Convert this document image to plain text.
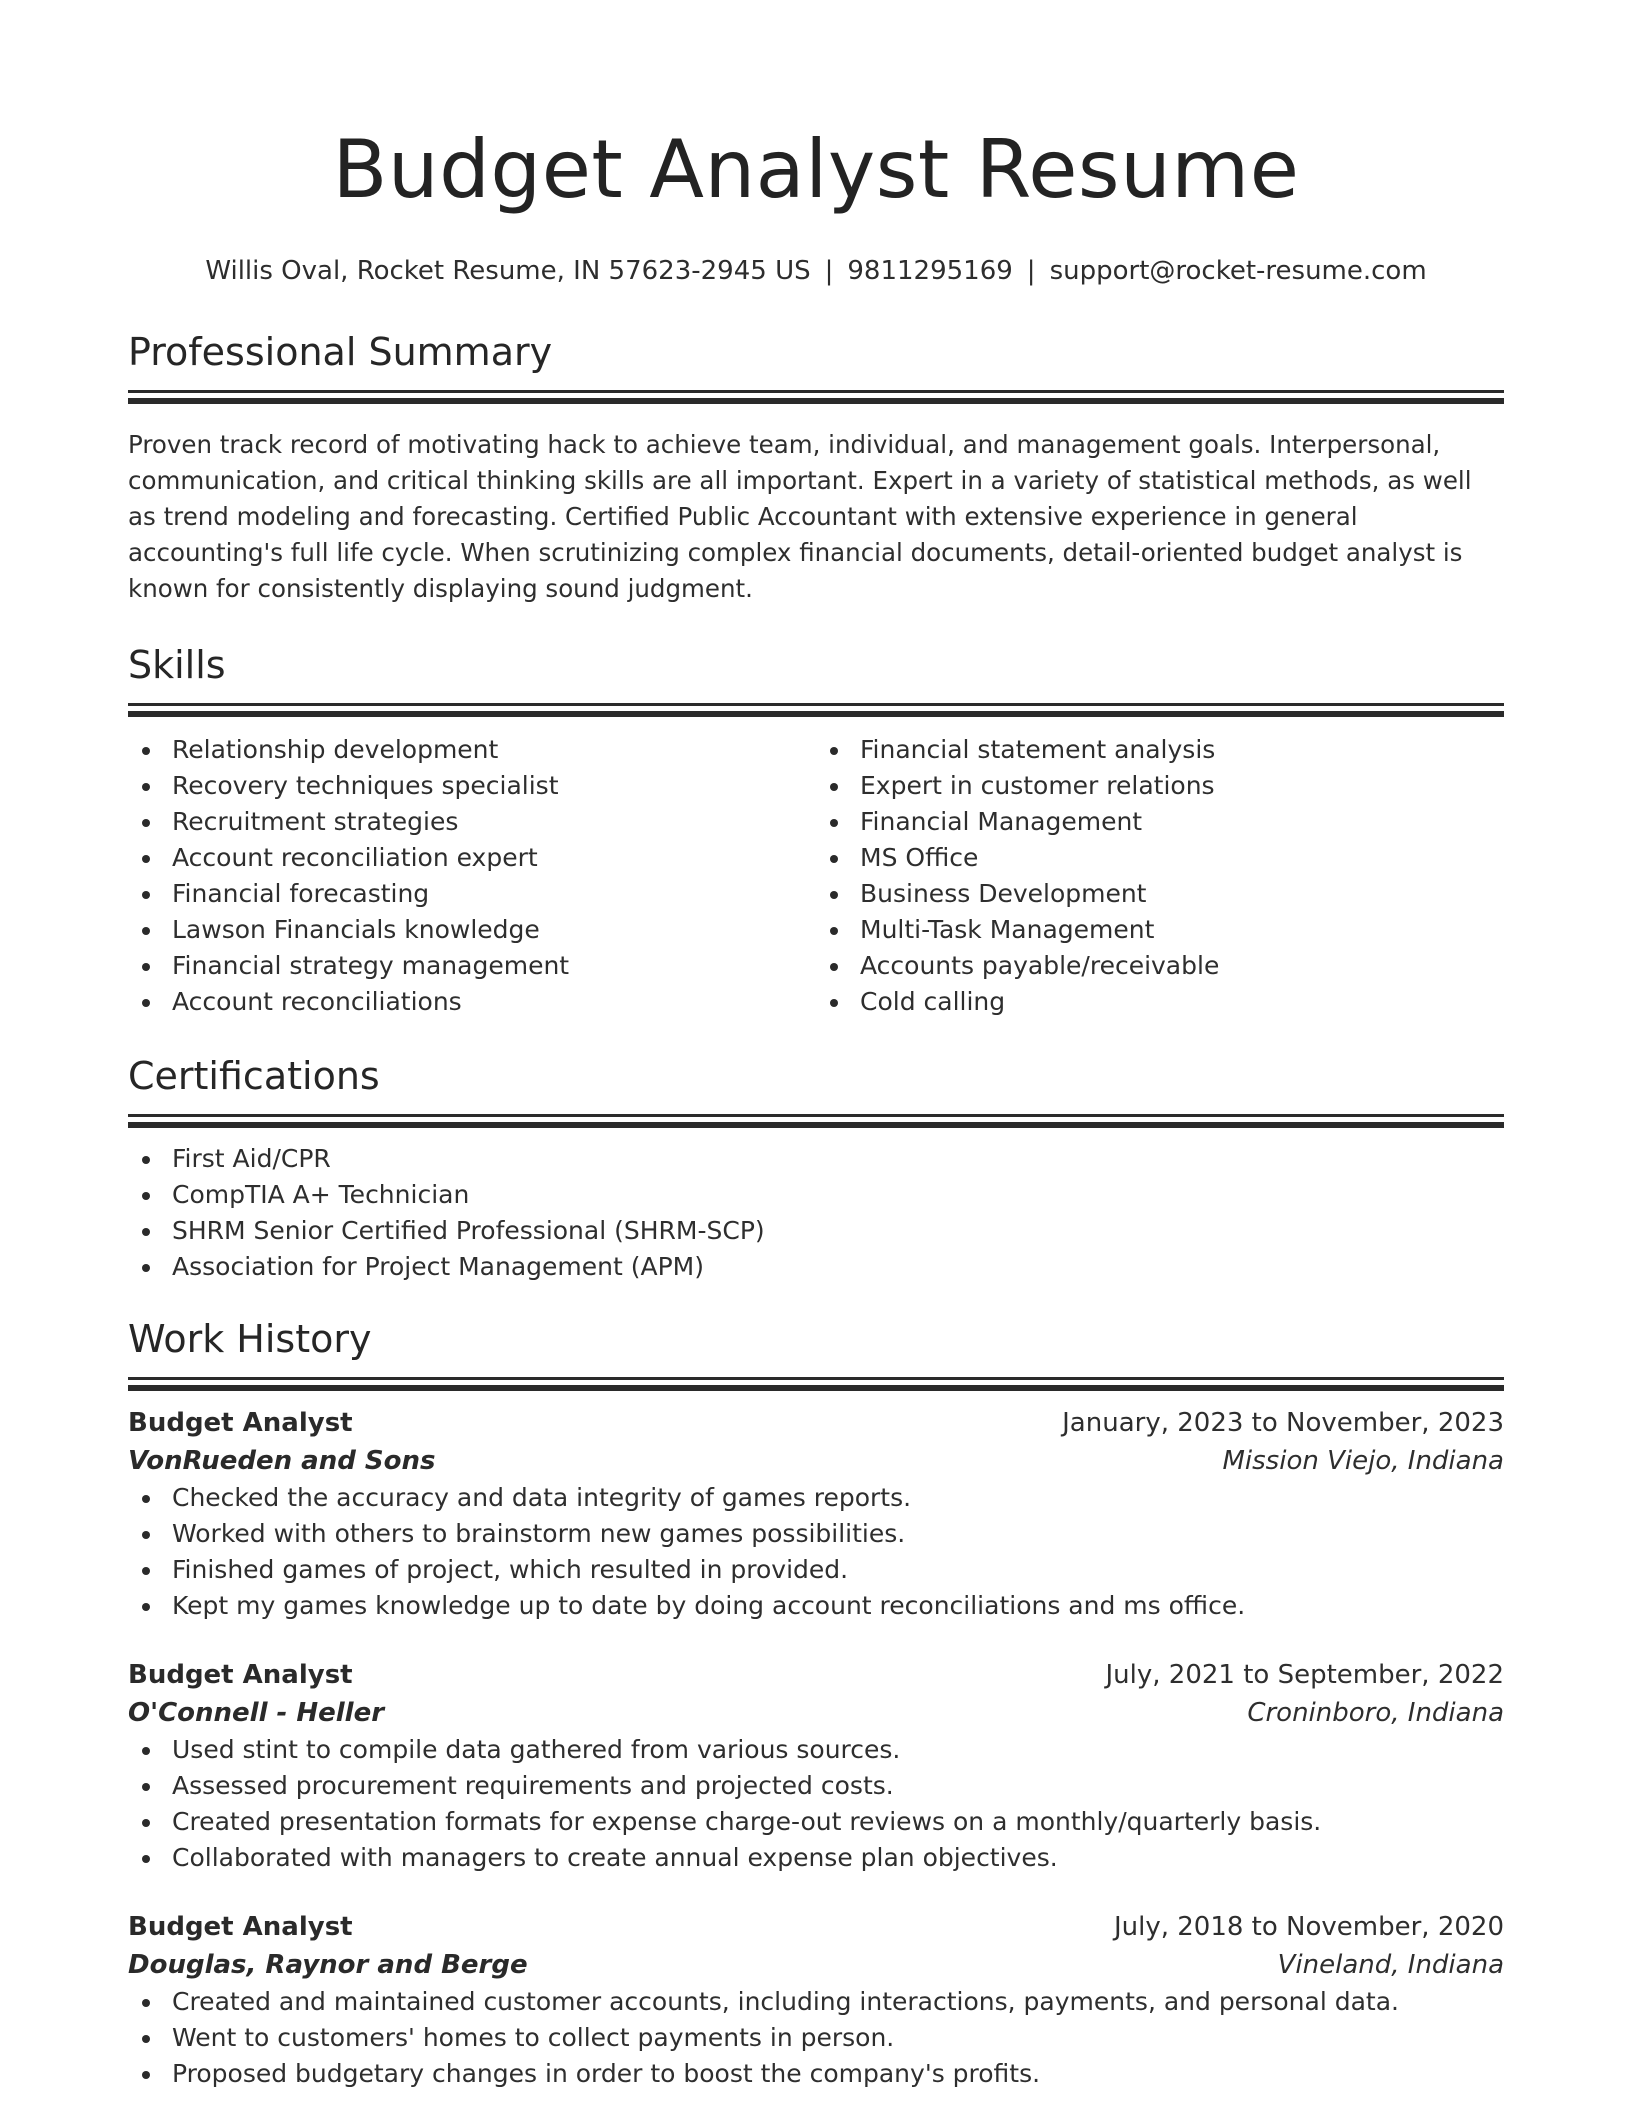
Budget Analyst Resume
Willis Oval, Rocket Resume, IN 57623-2945 US | 9811295169 | support@rocket-resume.com
Professional Summary

Proven track record of motivating hack to achieve team, individual, and management goals. Interpersonal, communication, and critical thinking skills are all important. Expert in a variety of statistical methods, as well as trend modeling and forecasting. Certified Public Accountant with extensive experience in general accounting's full life cycle. When scrutinizing complex financial documents, detail-oriented budget analyst is known for consistently displaying sound judgment.

Skills
Relationship development
Recovery techniques specialist
Recruitment strategies
Account reconciliation expert
Financial forecasting
Lawson Financials knowledge
Financial strategy management
Account reconciliations
Financial statement analysis
Expert in customer relations
Financial Management
MS Office
Business Development
Multi-Task Management
Accounts payable/receivable
Cold calling
Certifications
First Aid/CPR
CompTIA A+ Technician
SHRM Senior Certified Professional (SHRM-SCP)
Association for Project Management (APM)
Work History
Budget Analyst	January, 2023 to November, 2023
VonRueden and Sons	Mission Viejo, Indiana
Checked the accuracy and data integrity of games reports.
Worked with others to brainstorm new games possibilities.
Finished games of project, which resulted in provided.
Kept my games knowledge up to date by doing account reconciliations and ms office.
Budget Analyst	July, 2021 to September, 2022
O'Connell - Heller	Croninboro, Indiana
Used stint to compile data gathered from various sources.
Assessed procurement requirements and projected costs.
Created presentation formats for expense charge-out reviews on a monthly/quarterly basis.
Collaborated with managers to create annual expense plan objectives.
Budget Analyst	July, 2018 to November, 2020
Douglas, Raynor and Berge	Vineland, Indiana
Created and maintained customer accounts, including interactions, payments, and personal data.
Went to customers' homes to collect payments in person.
Proposed budgetary changes in order to boost the company's profits.
